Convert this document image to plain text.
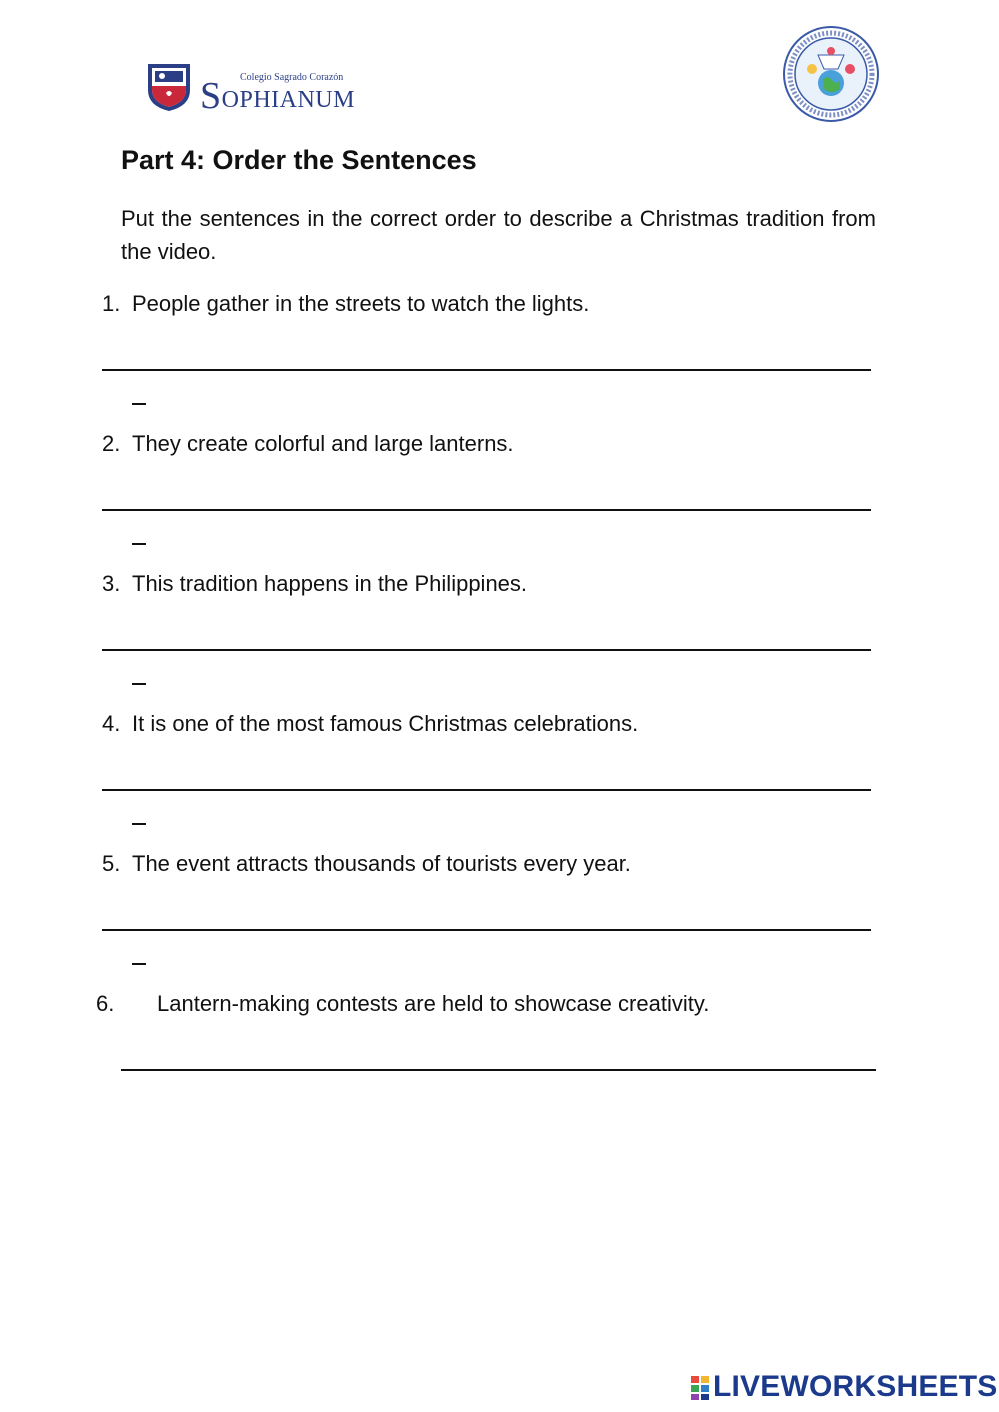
Colegio Sagrado Corazón
SOPHIANUM
Part 4: Order the Sentences

Put the sentences in the correct order to describe a Christmas tradition from the video.

1. People gather in the streets to watch the lights.
2. They create colorful and large lanterns.
3. This tradition happens in the Philippines.
4. It is one of the most famous Christmas celebrations.
5. The event attracts thousands of tourists every year.
6. Lantern-making contests are held to showcase creativity.
LIVEWORKSHEETS
